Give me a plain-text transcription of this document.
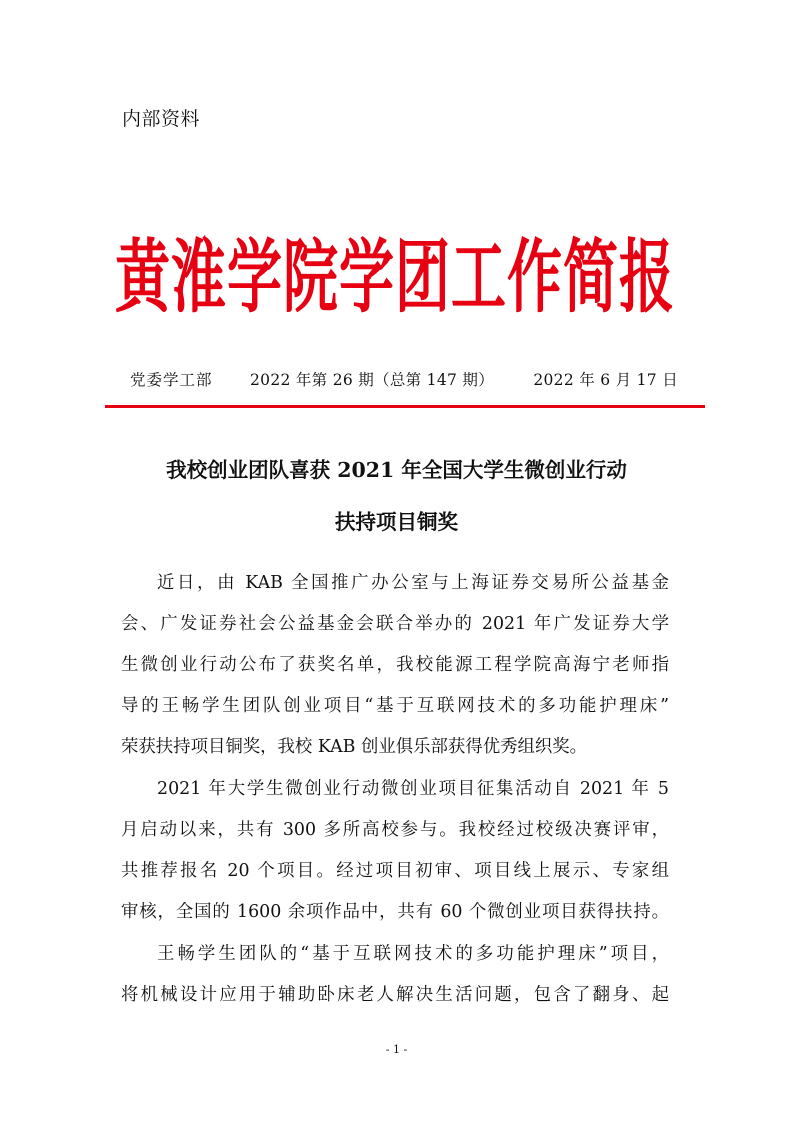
内部资料
黄淮学院学团工作简报
党委学工部	2022 年第 26 期（总第 147 期）	2022 年 6 月 17 日
我校创业团队喜获 2021 年全国大学生微创业行动
扶持项目铜奖
近日，由 KAB 全国推广办公室与上海证券交易所公益基金
会、广发证券社会公益基金会联合举办的 2021 年广发证券大学
生微创业行动公布了获奖名单，我校能源工程学院高海宁老师指
导的王畅学生团队创业项目“基于互联网技术的多功能护理床”
荣获扶持项目铜奖，我校 KAB 创业俱乐部获得优秀组织奖。
2021 年大学生微创业行动微创业项目征集活动自 2021 年 5
月启动以来，共有 300 多所高校参与。我校经过校级决赛评审，
共推荐报名 20 个项目。经过项目初审、项目线上展示、专家组
审核，全国的 1600 余项作品中，共有 60 个微创业项目获得扶持。
王畅学生团队的“基于互联网技术的多功能护理床”项目，
将机械设计应用于辅助卧床老人解决生活问题，包含了翻身、起
- 1 -
